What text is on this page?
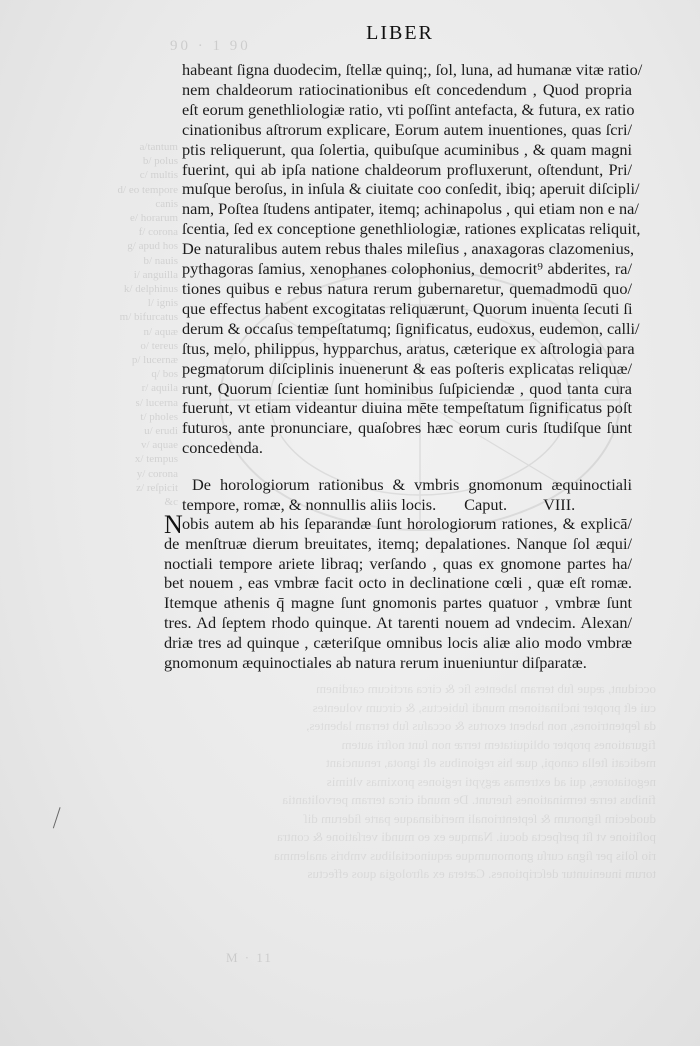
a/tantum
b/ polus
c/ multis
d/ eo tempore
canis
e/ horarum
f/ corona
g/ apud hos
b/ nauis
i/ anguilla
k/ delphinus
l/ ignis
m/ bifurcatus
n/ aquæ
o/ tereus
p/ lucernæ
q/ bos
r/ aquila
s/ lucerna
t/ pholes
u/ erudi
v/ aquae
x/ tempus
y/ corona
z/ reſpicit
&c

occidunt, æque ſub terram labentes ſic & circa arcticum cardinem
cui eſt propter inclinationem mundi ſubiectus, & circum voluentes
da ſeptentriones, non habent exortus & occaſus ſub terram labentes,
figurationes propter obliquitatem terræ non ſunt noſtri autem
medicati ſtella canopi, quæ his regionibus eſt ignota, renunciant
negotiatores, qui ad extremas ægypti regiones proximas vltimis
finibus terræ terminationes fuerunt. De mundi circa terram pervolitantia
duodecim ſignorum & ſeptentrionali meridianaque parte ſiderum diſ
poſitione vt ſit perſpecta docui. Namque ex eo mundi verſatione & contra
rio ſolis per ſigna curſu gnomonumque æquinoctialibus vmbris analemma
torum inueniuntur deſcriptiones. Cætera ex aſtrologia quos effectus
90 · 1 90
LIBER
habeant ſigna duodecim, ſtellæ quinq;, ſol, luna, ad humanæ vitæ ratio/
nem chaldeorum ratiocinationibus eſt concedendum , Quod propria
eſt eorum genethliologiæ ratio, vti poſſint antefacta, & futura, ex ratio
cinationibus aſtrorum explicare, Eorum autem inuentiones, quas ſcri/
ptis reliquerunt, qua ſolertia, quibuſque acuminibus , & quam magni
fuerint, qui ab ipſa natione chaldeorum profluxerunt, oſtendunt, Pri/
muſque beroſus, in inſula & ciuitate coo conſedit, ibiq; aperuit diſcipli/
nam, Poſtea ſtudens antipater, itemq; achinapolus , qui etiam non e na/
ſcentia, ſed ex conceptione genethliologiæ, rationes explicatas reliquit,
De naturalibus autem rebus thales mileſius , anaxagoras clazomenius,
pythagoras ſamius, xenophanes colophonius, democrit⁹ abderites, ra/
tiones quibus e rebus natura rerum gubernaretur, quemadmodū quo/
que effectus habent excogitatas reliquærunt, Quorum inuenta ſecuti ſi
derum & occaſus tempeſtatumq; ſignificatus, eudoxus, eudemon, calli/
ſtus, melo, philippus, hypparchus, aratus, cæterique ex aſtrologia para
pegmatorum diſciplinis inuenerunt & eas poſteris explicatas reliquæ/
runt, Quorum ſcientiæ ſunt hominibus ſuſpiciendæ , quod tanta cura
fuerunt, vt etiam videantur diuina mēte tempeſtatum ſignificatus poſt
futuros, ante pronunciare, quaſobres hæc eorum curis ſtudiſque ſunt
concedenda.
De horologiorum rationibus & vmbris gnomonum æquinoctiali
tempore, romæ, & nonnullis aliis locis. Caput. VIII.
N obis autem ab his ſeparandæ ſunt horologiorum rationes, & explicā/
de menſtruæ dierum breuitates, itemq; depalationes. Nanque ſol æqui/
noctiali tempore ariete libraq; verſando , quas ex gnomone partes ha/
bet nouem , eas vmbræ facit octo in declinatione cœli , quæ eſt romæ.
Itemque athenis q̄ magne ſunt gnomonis partes quatuor , vmbræ ſunt
tres. Ad ſeptem rhodo quinque. At tarenti nouem ad vndecim. Alexan/
driæ tres ad quinque , cæteriſque omnibus locis aliæ alio modo vmbræ
gnomonum æquinoctiales ab natura rerum inueniuntur diſparatæ.
M · 11
